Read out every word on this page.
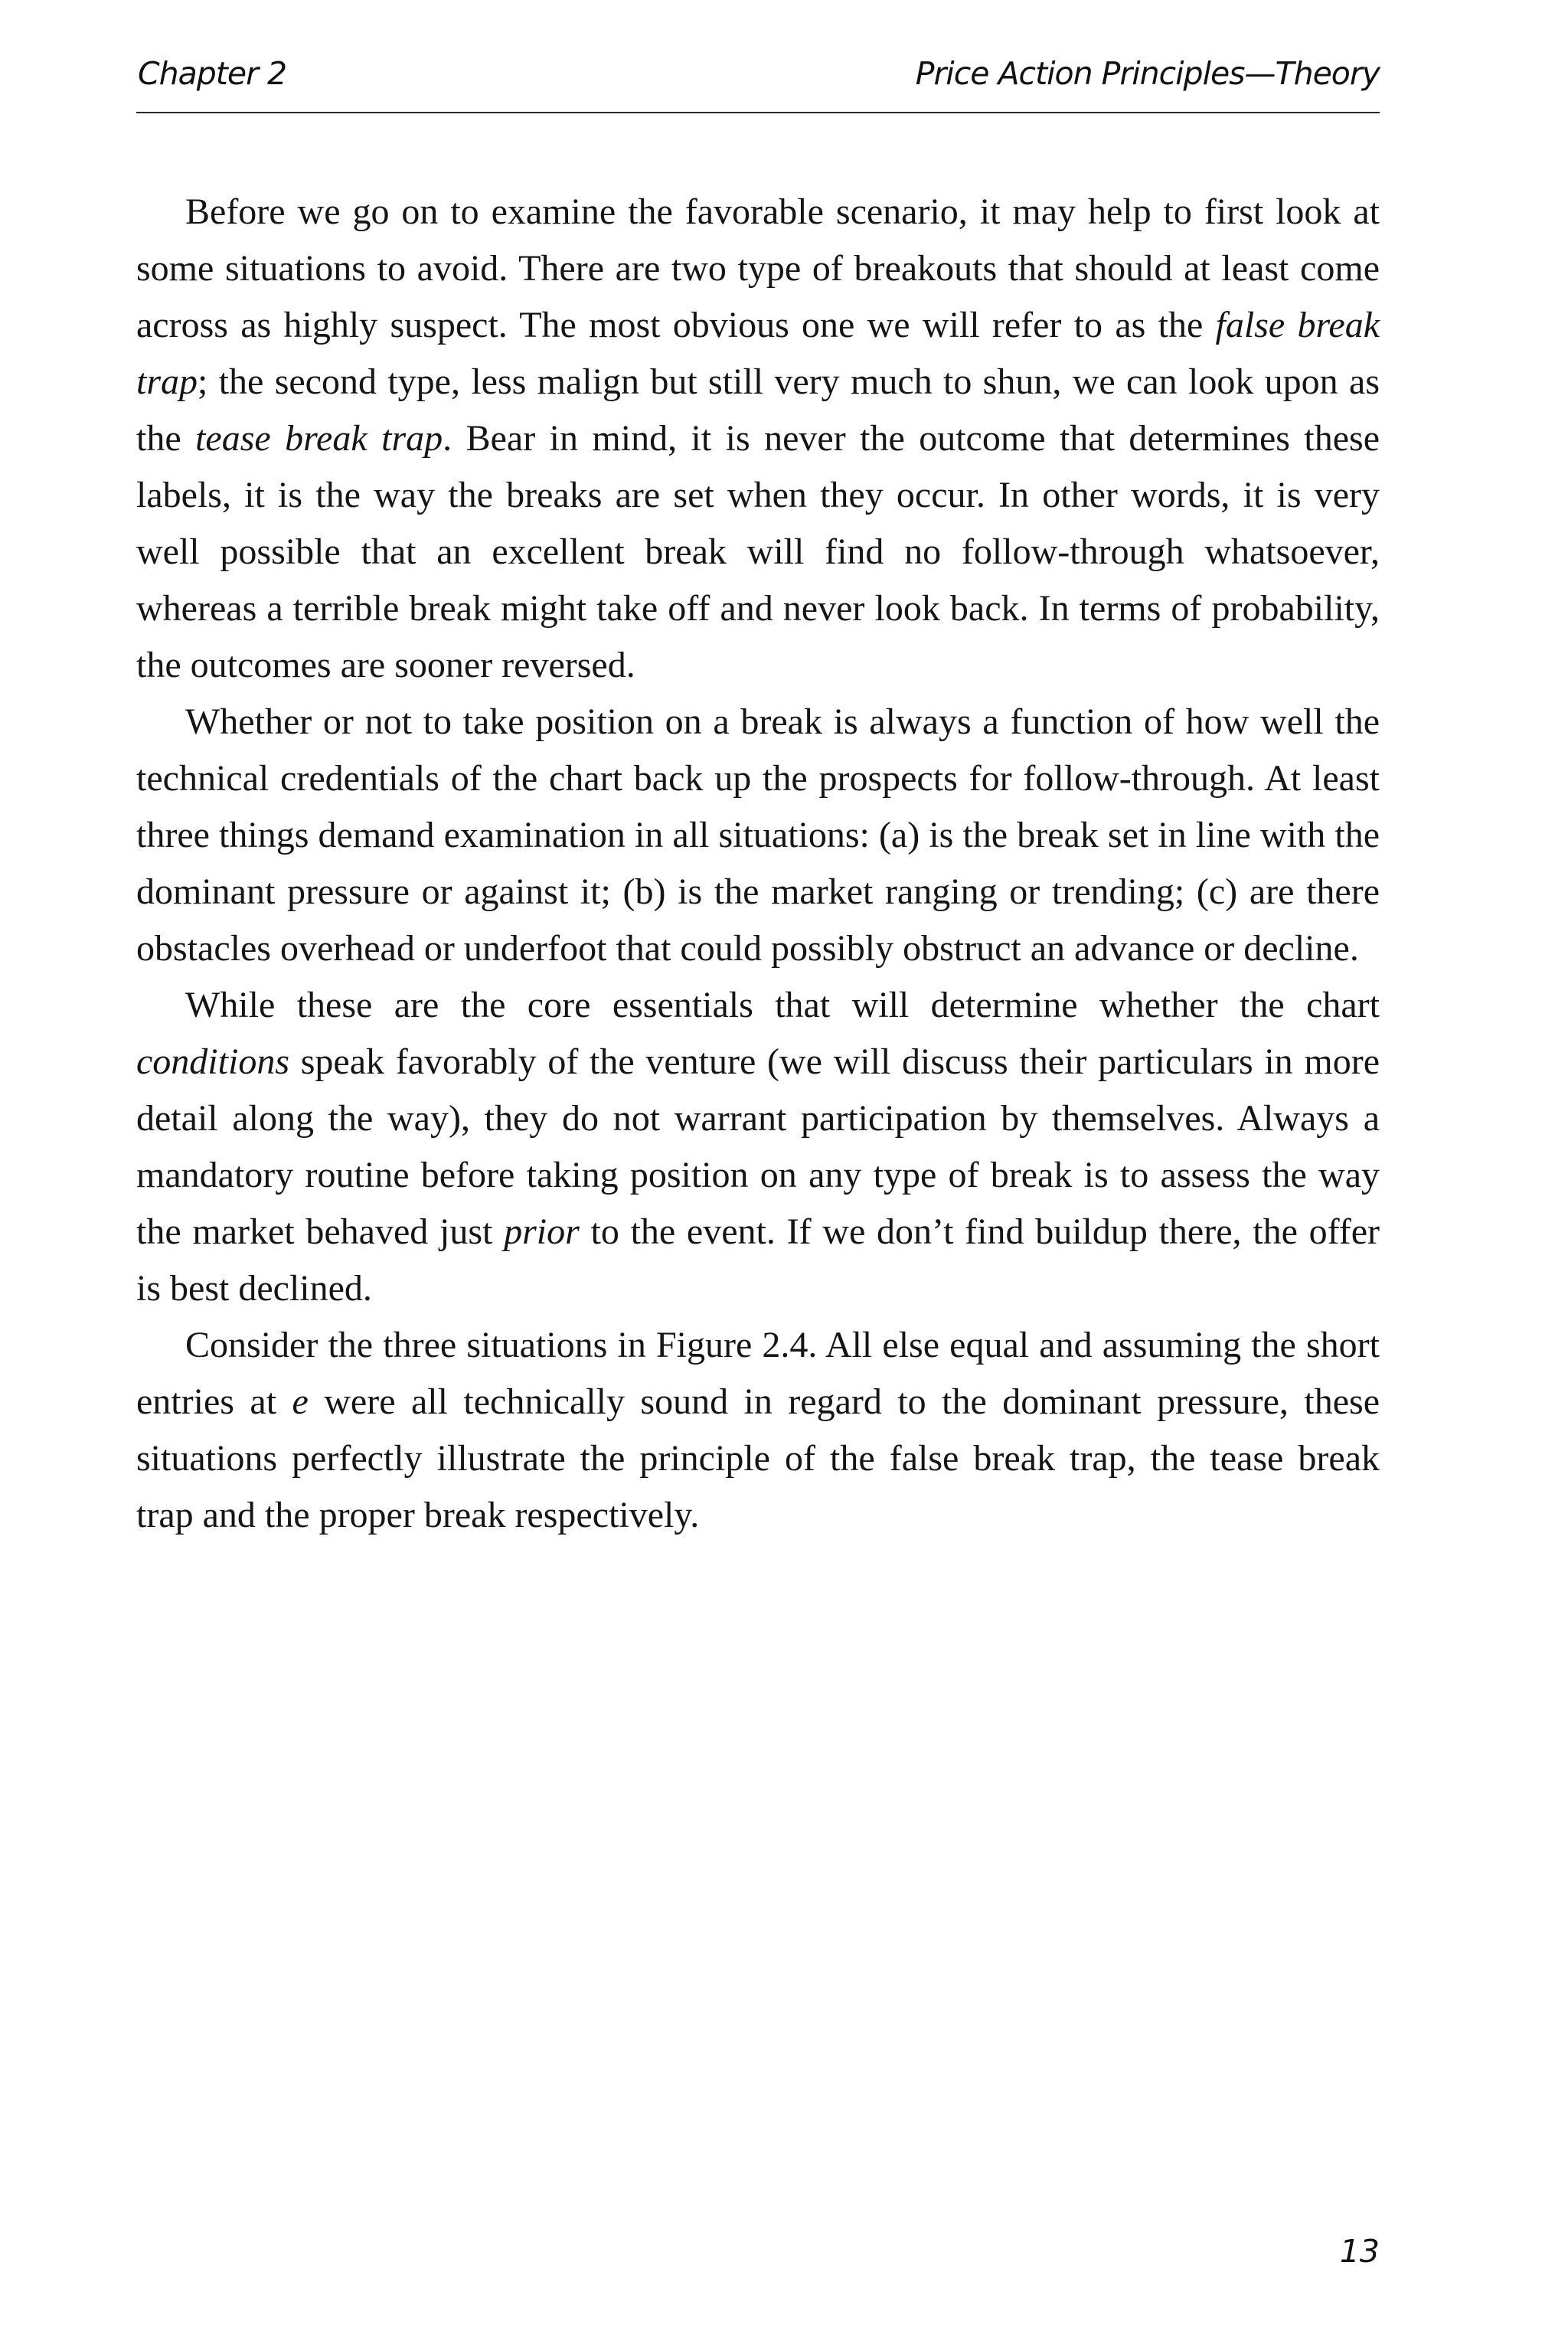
Chapter 2	Price Action Principles—Theory

Before we go on to examine the favorable scenario, it may help to first look at some situations to avoid. There are two type of breakouts that should at least come across as highly suspect. The most obvious one we will refer to as the false break trap; the second type, less malign but still very much to shun, we can look upon as the tease break trap. Bear in mind, it is never the outcome that determines these labels, it is the way the breaks are set when they occur. In other words, it is very well possible that an excellent break will find no follow-through whatsoever, whereas a terrible break might take off and never look back. In terms of probability, the outcomes are sooner reversed.

Whether or not to take position on a break is always a function of how well the technical credentials of the chart back up the prospects for follow-through. At least three things demand examination in all situations: (a) is the break set in line with the dominant pressure or against it; (b) is the market ranging or trending; (c) are there obstacles overhead or underfoot that could possibly obstruct an advance or decline.

While these are the core essentials that will determine whether the chart conditions speak favorably of the venture (we will discuss their particulars in more detail along the way), they do not warrant participation by themselves. Always a mandatory routine before taking position on any type of break is to assess the way the market behaved just prior to the event. If we don’t find buildup there, the offer is best declined.

Consider the three situations in Figure 2.4. All else equal and assuming the short entries at e were all technically sound in regard to the dominant pressure, these situations perfectly illustrate the principle of the false break trap, the tease break trap and the proper break respectively.

13
